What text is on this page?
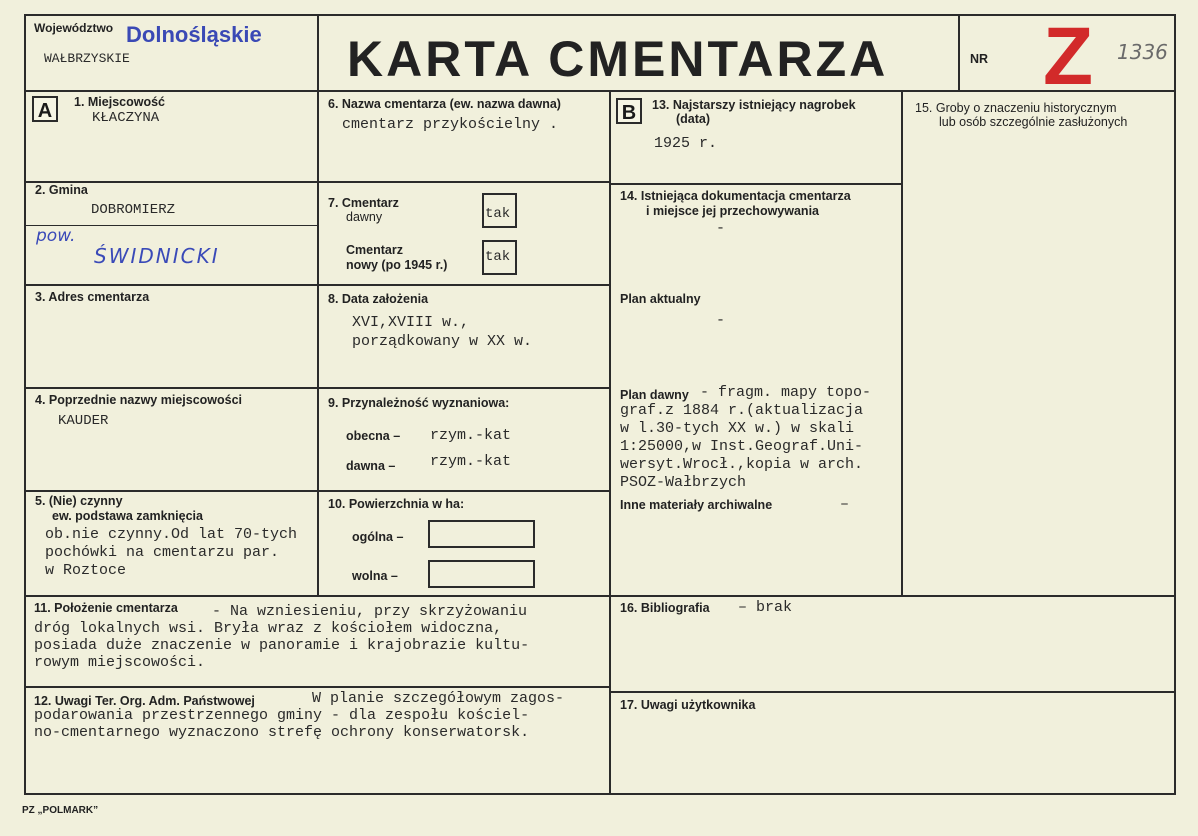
Województwo Dolnośląskie
WAŁBRZYSKIE	KARTA CMENTARZA	NR Z 1336
A	1. Miejscowość
KŁACZYNA
6. Nazwa cmentarza (ew. nazwa dawna)
cmentarz przykościelny .
B	13. Najstarszy istniejący nagrobek
(data)
1925 r.
15. Groby o znaczeniu historycznym
lub osób szczególnie zasłużonych
2. Gmina
DOBROMIERZ
pow.
ŚWIDNICKI
7. Cmentarz
dawny	tak
Cmentarz
nowy (po 1945 r.)	tak
14. Istniejąca dokumentacja cmentarza
i miejsce jej przechowywania
-
Plan aktualny
-
Plan dawny - fragm. mapy topo-
graf.z 1884 r.(aktualizacja
w l.30-tych XX w.) w skali
1:25000,w Inst.Geograf.Uni-
wersyt.Wrocł.,kopia w arch.
PSOZ-Wałbrzych
Inne materiały archiwalne	–
3. Adres cmentarza	8. Data założenia
XVI,XVIII w.,
porządkowany w XX w.
4. Poprzednie nazwy miejscowości
KAUDER
9. Przynależność wyznaniowa:
obecna – rzym.-kat
dawna – rzym.-kat
5. (Nie) czynny
ew. podstawa zamknięcia
ob.nie czynny.Od lat 70-tych
pochówki na cmentarzu par.
w Roztoce
10. Powierzchnia w ha:
ogólna –
wolna –
11. Położenie cmentarza - Na wzniesieniu, przy skrzyżowaniu
dróg lokalnych wsi. Bryła wraz z kościołem widoczna,
posiada duże znaczenie w panoramie i krajobrazie kultu-
rowym miejscowości.
16. Bibliografia – brak
12. Uwagi Ter. Org. Adm. Państwowej	W planie szczegółowym zagos-
podarowania przestrzennego gminy - dla zespołu kościel-
no-cmentarnego wyznaczono strefę ochrony konserwatorsk.
17. Uwagi użytkownika
PZ „POLMARK”
